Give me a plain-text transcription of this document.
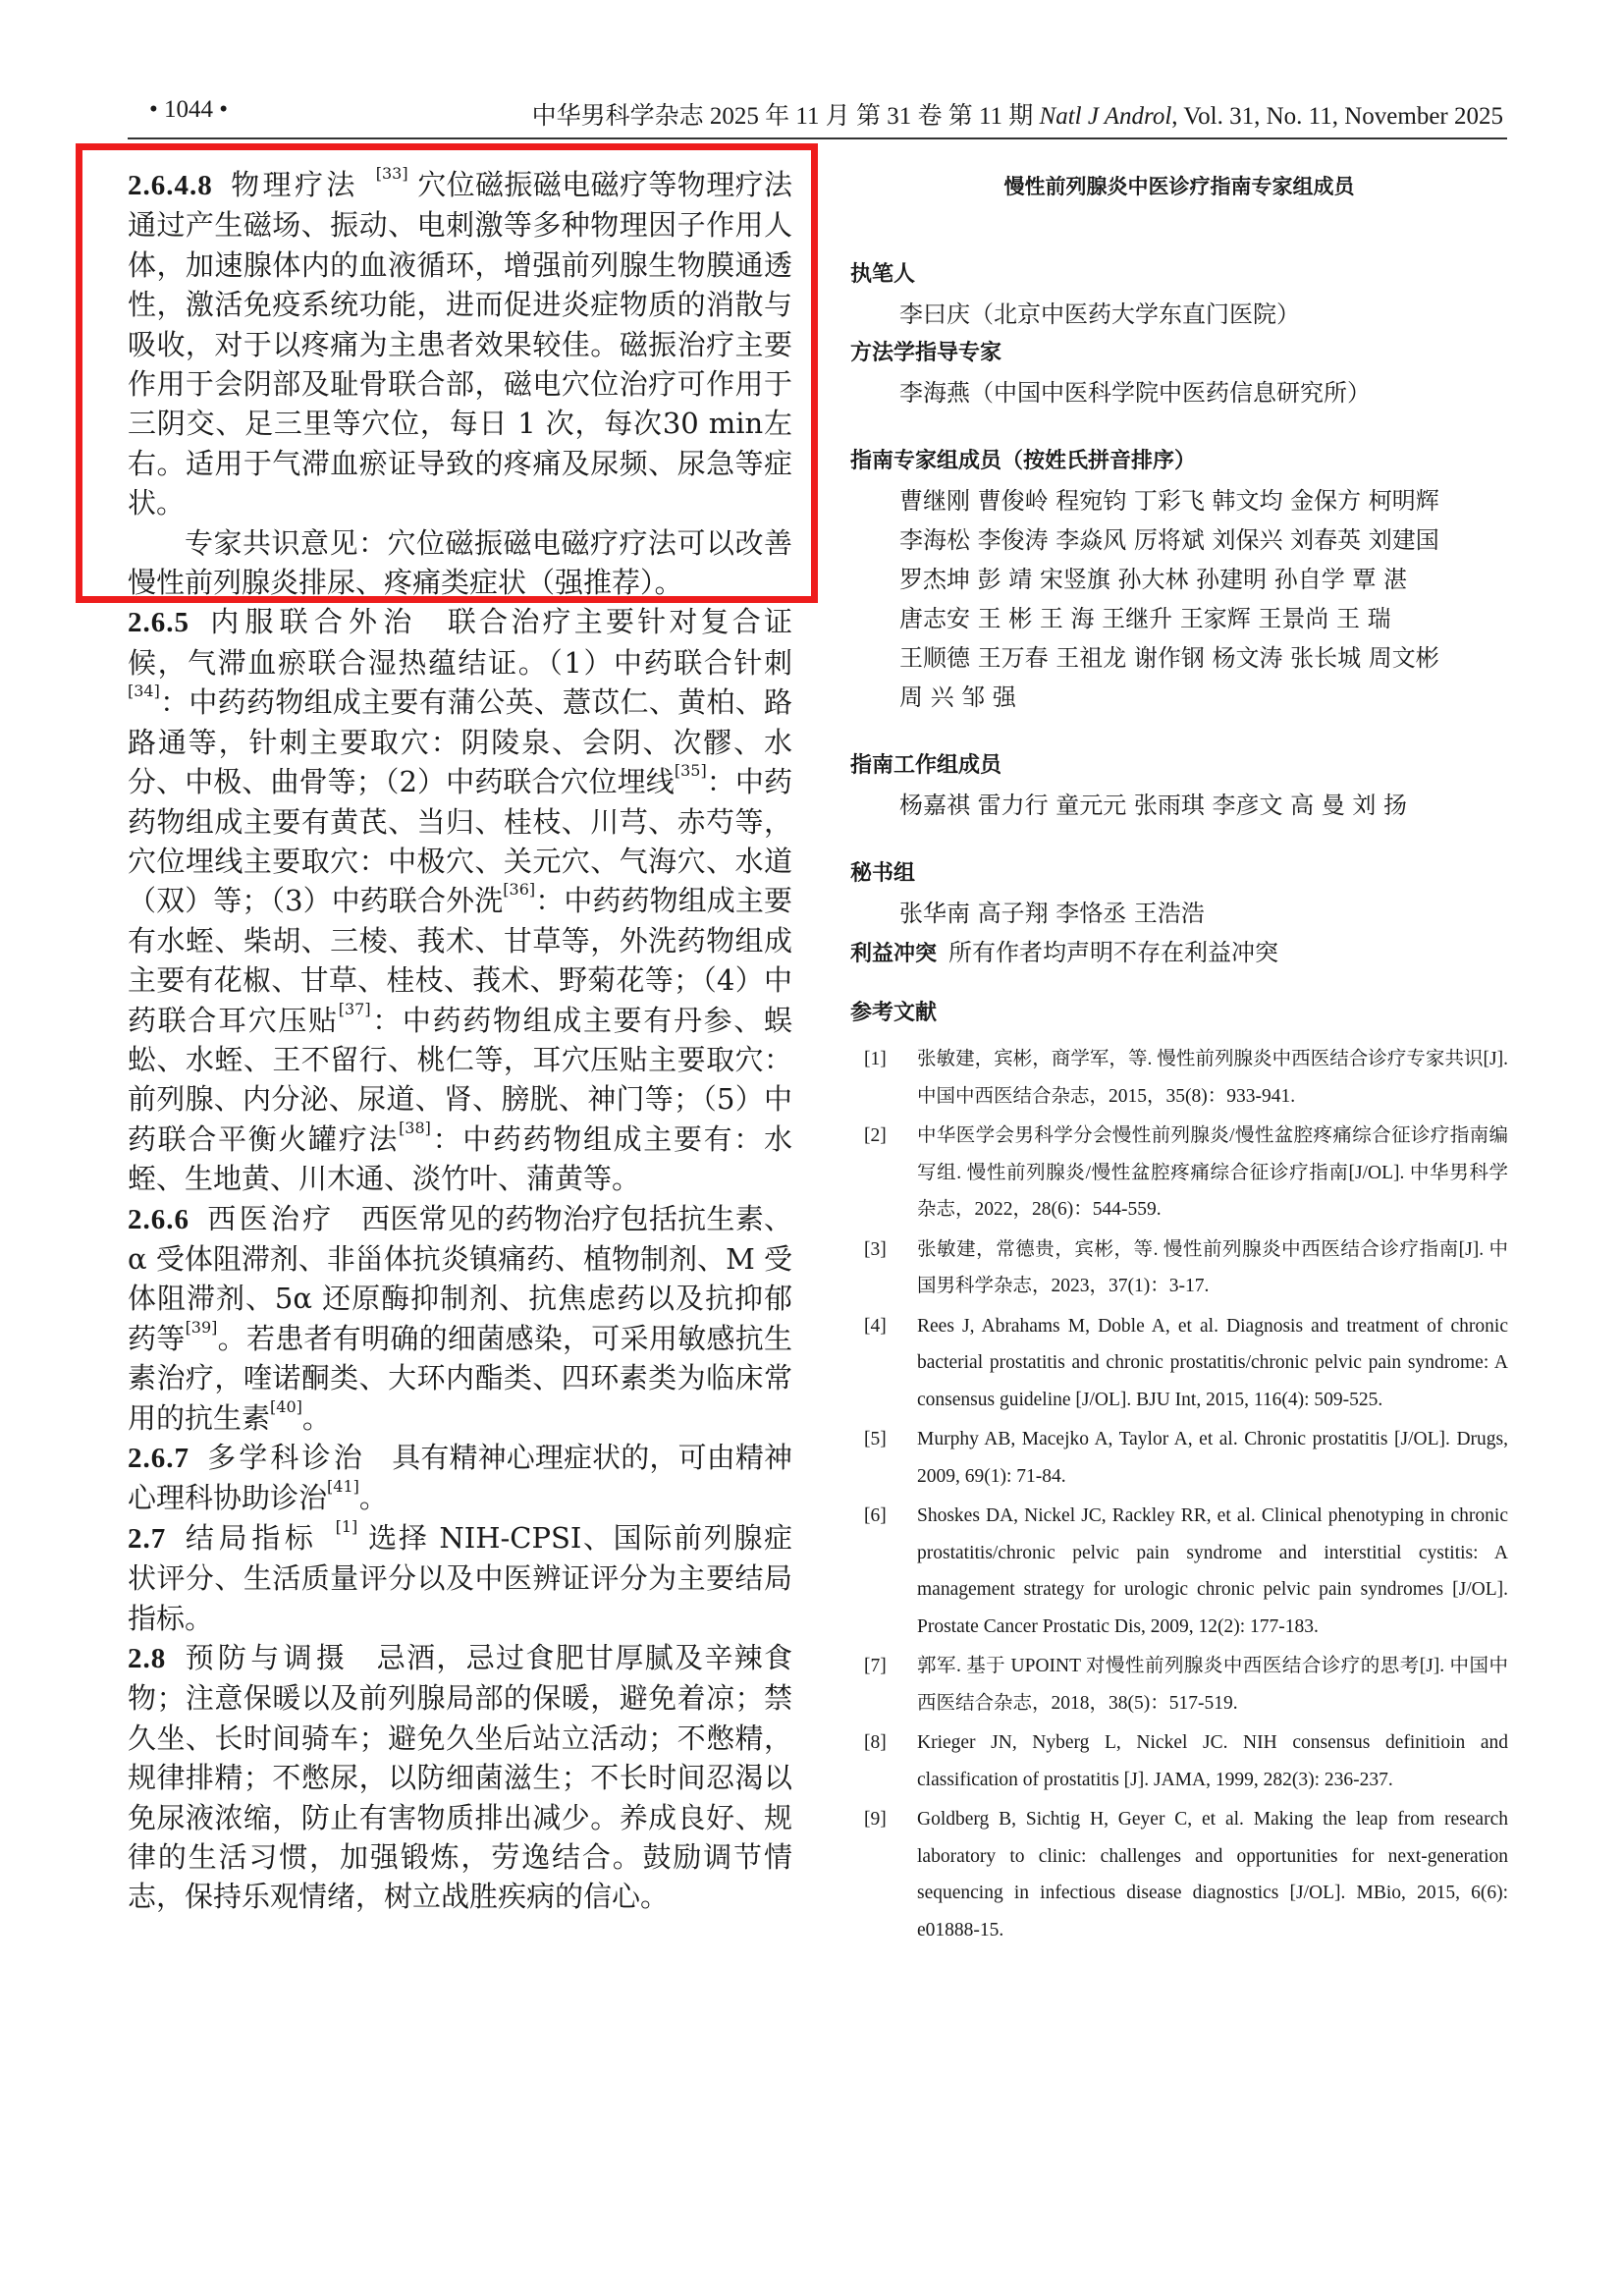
• 1044 •	中华男科学杂志 2025 年 11 月 第 31 卷 第 11 期 Natl J Androl, Vol. 31, No. 11, November 2025

2.6.4.8 物理疗法 [33] 穴位磁振磁电磁疗等物理疗法通过产生磁场、振动、电刺激等多种物理因子作用人体，加速腺体内的血液循环，增强前列腺生物膜通透性，激活免疫系统功能，进而促进炎症物质的消散与吸收，对于以疼痛为主患者效果较佳。磁振治疗主要作用于会阴部及耻骨联合部，磁电穴位治疗可作用于三阴交、足三里等穴位，每日 1 次，每次30 min左右。适用于气滞血瘀证导致的疼痛及尿频、尿急等症状。

专家共识意见：穴位磁振磁电磁疗疗法可以改善慢性前列腺炎排尿、疼痛类症状（强推荐）。

2.6.5 内服联合外治 联合治疗主要针对复合证候，气滞血瘀联合湿热蕴结证。（1）中药联合针刺[34]：中药药物组成主要有蒲公英、薏苡仁、黄柏、路路通等，针刺主要取穴：阴陵泉、会阴、次髎、水分、中极、曲骨等；（2）中药联合穴位埋线[35]：中药药物组成主要有黄芪、当归、桂枝、川芎、赤芍等，穴位埋线主要取穴：中极穴、关元穴、气海穴、水道（双）等；（3）中药联合外洗[36]：中药药物组成主要有水蛭、柴胡、三棱、莪术、甘草等，外洗药物组成主要有花椒、甘草、桂枝、莪术、野菊花等；（4）中药联合耳穴压贴[37]：中药药物组成主要有丹参、蜈蚣、水蛭、王不留行、桃仁等，耳穴压贴主要取穴：前列腺、内分泌、尿道、肾、膀胱、神门等；（5）中药联合平衡火罐疗法[38]：中药药物组成主要有：水蛭、生地黄、川木通、淡竹叶、蒲黄等。

2.6.6 西医治疗 西医常见的药物治疗包括抗生素、α 受体阻滞剂、非甾体抗炎镇痛药、植物制剂、M 受体阻滞剂、5α 还原酶抑制剂、抗焦虑药以及抗抑郁药等[39]。若患者有明确的细菌感染，可采用敏感抗生素治疗，喹诺酮类、大环内酯类、四环素类为临床常用的抗生素[40]。

2.6.7 多学科诊治 具有精神心理症状的，可由精神心理科协助诊治[41]。

2.7 结局指标 [1] 选择 NIH-CPSI、国际前列腺症状评分、生活质量评分以及中医辨证评分为主要结局指标。

2.8 预防与调摄 忌酒，忌过食肥甘厚腻及辛辣食物；注意保暖以及前列腺局部的保暖，避免着凉；禁久坐、长时间骑车；避免久坐后站立活动；不憋精，规律排精；不憋尿，以防细菌滋生；不长时间忍渴以免尿液浓缩，防止有害物质排出减少。养成良好、规律的生活习惯，加强锻炼，劳逸结合。鼓励调节情志，保持乐观情绪，树立战胜疾病的信心。

慢性前列腺炎中医诊疗指南专家组成员
执笔人
李曰庆（北京中医药大学东直门医院）
方法学指导专家
李海燕（中国中医科学院中医药信息研究所）
指南专家组成员（按姓氏拼音排序）
曹继刚 曹俊岭 程宛钧 丁彩飞 韩文均 金保方 柯明辉
李海松 李俊涛 李焱风 厉将斌 刘保兴 刘春英 刘建国
罗杰坤 彭 靖 宋竖旗 孙大林 孙建明 孙自学 覃 湛
唐志安 王 彬 王 海 王继升 王家辉 王景尚 王 瑞
王顺德 王万春 王祖龙 谢作钢 杨文涛 张长城 周文彬
周 兴 邹 强
指南工作组成员
杨嘉祺 雷力行 童元元 张雨琪 李彦文 高 曼 刘 扬
秘书组
张华南 高子翔 李恪丞 王浩浩
利益冲突 所有作者均声明不存在利益冲突
参考文献
[1]	张敏建，宾彬，商学军，等. 慢性前列腺炎中西医结合诊疗专家共识[J]. 中国中西医结合杂志，2015，35(8)：933-941.
[2]	中华医学会男科学分会慢性前列腺炎/慢性盆腔疼痛综合征诊疗指南编写组. 慢性前列腺炎/慢性盆腔疼痛综合征诊疗指南[J/OL]. 中华男科学杂志，2022，28(6)：544-559.
[3]	张敏建，常德贵，宾彬，等. 慢性前列腺炎中西医结合诊疗指南[J]. 中国男科学杂志，2023，37(1)：3-17.
[4]	Rees J, Abrahams M, Doble A, et al. Diagnosis and treatment of chronic bacterial prostatitis and chronic prostatitis/chronic pelvic pain syndrome: A consensus guideline [J/OL]. BJU Int, 2015, 116(4): 509-525.
[5]	Murphy AB, Macejko A, Taylor A, et al. Chronic prostatitis [J/OL]. Drugs, 2009, 69(1): 71-84.
[6]	Shoskes DA, Nickel JC, Rackley RR, et al. Clinical phenotyping in chronic prostatitis/chronic pelvic pain syndrome and interstitial cystitis: A management strategy for urologic chronic pelvic pain syndromes [J/OL]. Prostate Cancer Prostatic Dis, 2009, 12(2): 177-183.
[7]	郭军. 基于 UPOINT 对慢性前列腺炎中西医结合诊疗的思考[J]. 中国中西医结合杂志，2018，38(5)：517-519.
[8]	Krieger JN, Nyberg L, Nickel JC. NIH consensus definitioin and classification of prostatitis [J]. JAMA, 1999, 282(3): 236-237.
[9]	Goldberg B, Sichtig H, Geyer C, et al. Making the leap from research laboratory to clinic: challenges and opportunities for next-generation sequencing in infectious disease diagnostics [J/OL]. MBio, 2015, 6(6): e01888-15.
